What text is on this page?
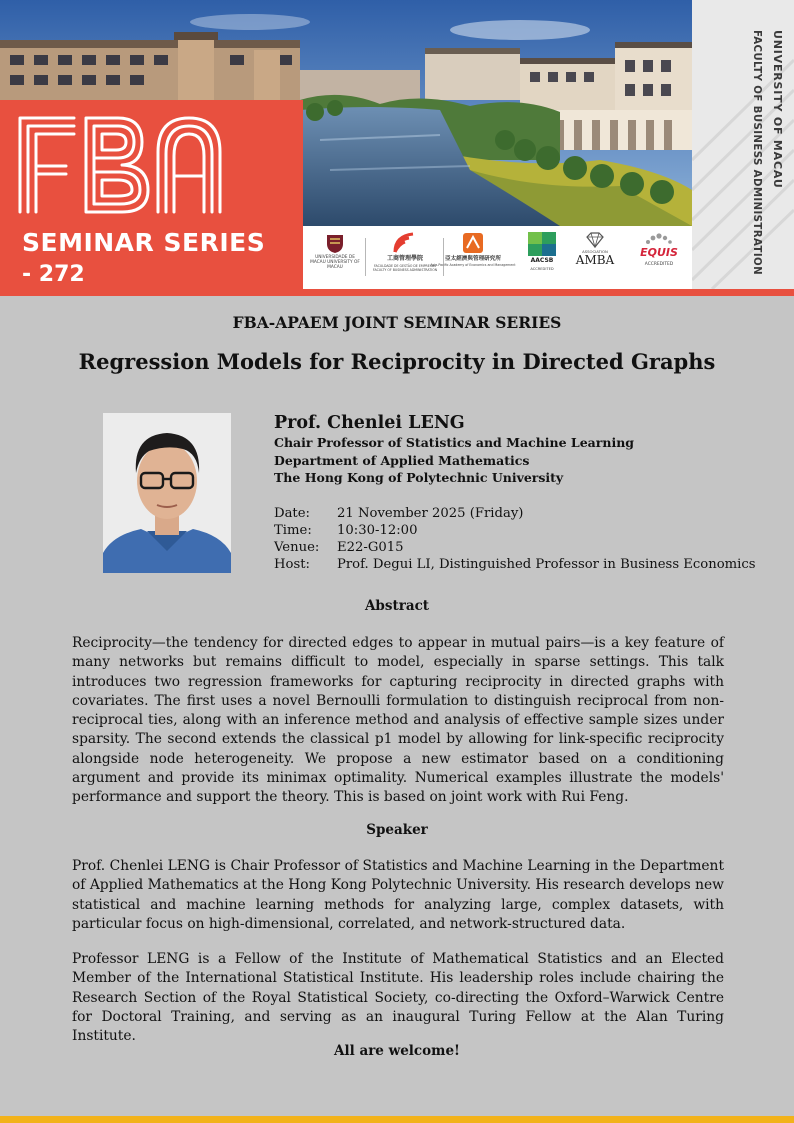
UNIVERSITY OF MACAU
FACULTY OF BUSINESS ADMINISTRATION
SEMINAR SERIES
- 272
UNIVERSIDADE DE MACAU UNIVERSITY OF MACAU
工商管理學院
FACULDADE DE GESTÃO DE EMPRESAS FACULTY OF BUSINESS ADMINISTRATION
亞太經濟與管理研究所
Asia-Pacific Academy of Economics and Management
AACSB
ACCREDITED
ASSOCIATION
AMBA
EQUIS
ACCREDITED
FBA-APAEM JOINT SEMINAR SERIES
Regression Models for Reciprocity in Directed Graphs
Prof. Chenlei LENG
Chair Professor of Statistics and Machine Learning
Department of Applied Mathematics
The Hong Kong of Polytechnic University
Date:	21 November 2025 (Friday)
Time:	10:30-12:00
Venue:	E22-G015
Host:	Prof. Degui LI, Distinguished Professor in Business Economics
Abstract
Reciprocity—the tendency for directed edges to appear in mutual pairs—is a key feature of many networks but remains difficult to model, especially in sparse settings. This talk introduces two regression frameworks for capturing reciprocity in directed graphs with covariates. The first uses a novel Bernoulli formulation to distinguish reciprocal from non-reciprocal ties, along with an inference method and analysis of effective sample sizes under sparsity. The second extends the classical p1 model by allowing for link-specific reciprocity alongside node heterogeneity. We propose a new estimator based on a conditioning argument and provide its minimax optimality. Numerical examples illustrate the models' performance and support the theory. This is based on joint work with Rui Feng.
Speaker
Prof. Chenlei LENG is Chair Professor of Statistics and Machine Learning in the Department of Applied Mathematics at the Hong Kong Polytechnic University. His research develops new statistical and machine learning methods for analyzing large, complex datasets, with particular focus on high-dimensional, correlated, and network-structured data.
Professor LENG is a Fellow of the Institute of Mathematical Statistics and an Elected Member of the International Statistical Institute. His leadership roles include chairing the Research Section of the Royal Statistical Society, co-directing the Oxford–Warwick Centre for Doctoral Training, and serving as an inaugural Turing Fellow at the Alan Turing Institute.
All are welcome!
